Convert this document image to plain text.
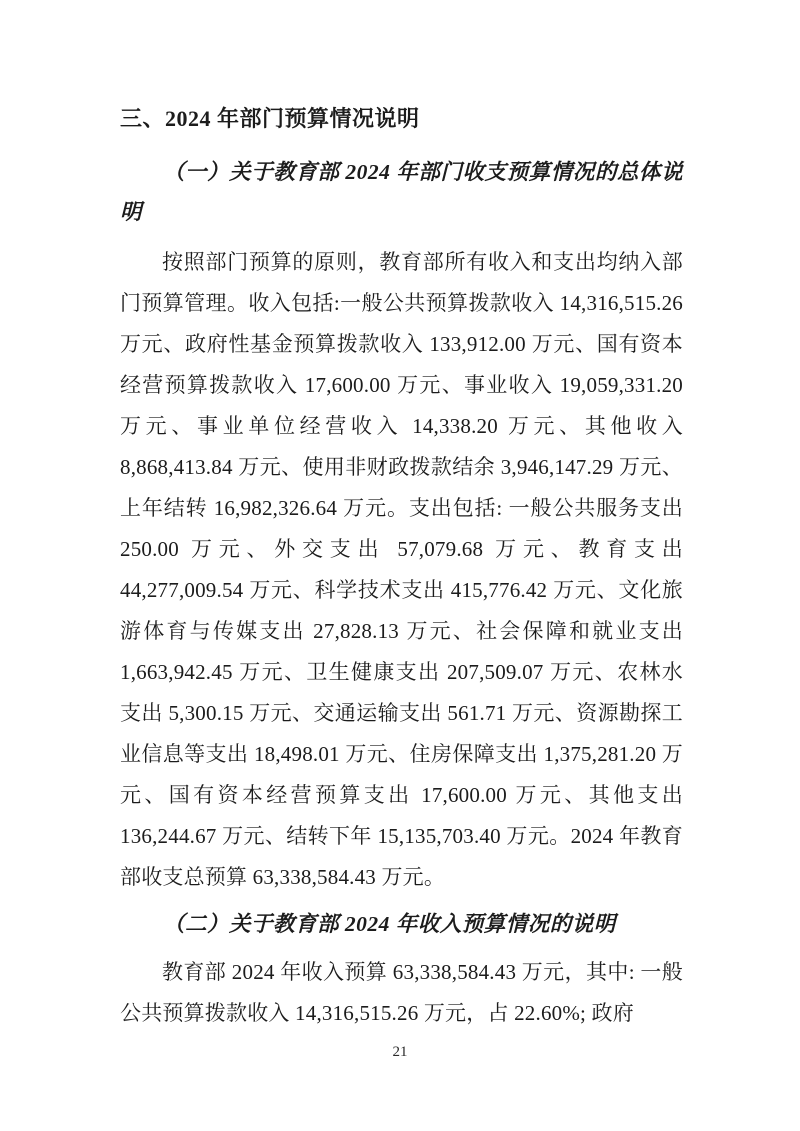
三、2024 年部门预算情况说明
（一）关于教育部 2024 年部门收支预算情况的总体说明
按照部门预算的原则，教育部所有收入和支出均纳入部门预算管理。收入包括:一般公共预算拨款收入 14,316,515.26 万元、政府性基金预算拨款收入 133,912.00 万元、国有资本经营预算拨款收入 17,600.00 万元、事业收入 19,059,331.20 万元、事业单位经营收入 14,338.20 万元、其他收入 8,868,413.84 万元、使用非财政拨款结余 3,946,147.29 万元、上年结转 16,982,326.64 万元。支出包括: 一般公共服务支出 250.00 万元、外交支出 57,079.68 万元、教育支出 44,277,009.54 万元、科学技术支出 415,776.42 万元、文化旅游体育与传媒支出 27,828.13 万元、社会保障和就业支出 1,663,942.45 万元、卫生健康支出 207,509.07 万元、农林水支出 5,300.15 万元、交通运输支出 561.71 万元、资源勘探工业信息等支出 18,498.01 万元、住房保障支出 1,375,281.20 万元、国有资本经营预算支出 17,600.00 万元、其他支出 136,244.67 万元、结转下年 15,135,703.40 万元。2024 年教育部收支总预算 63,338,584.43 万元。
（二）关于教育部 2024 年收入预算情况的说明
教育部 2024 年收入预算 63,338,584.43 万元，其中: 一般公共预算拨款收入 14,316,515.26 万元，占 22.60%; 政府
21
